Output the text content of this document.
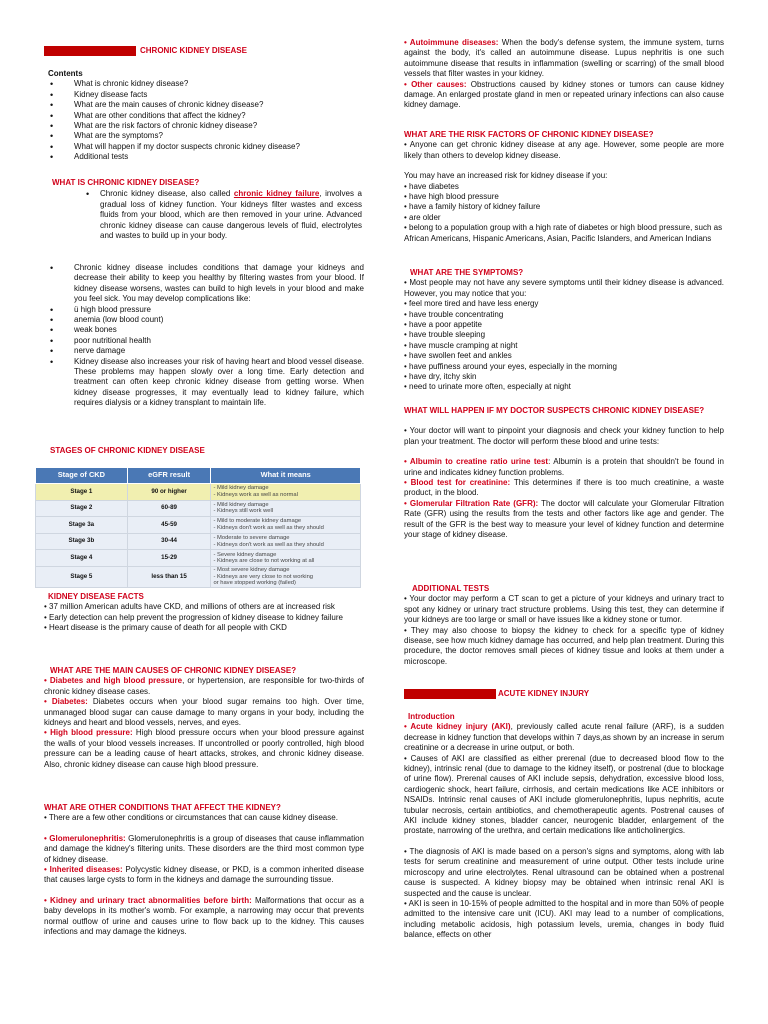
CHRONIC KIDNEY DISEASE

Contents

• What is chronic kidney disease?
• Kidney disease facts
• What are the main causes of chronic kidney disease?
• What are other conditions that affect the kidney?
• What are the risk factors of chronic kidney disease?
• What are the symptoms?
• What will happen if my doctor suspects chronic kidney disease?
• Additional tests

WHAT IS CHRONIC KIDNEY DISEASE?

• Chronic kidney disease, also called chronic kidney failure, involves a gradual loss of kidney function. Your kidneys filter wastes and excess fluids from your blood, which are then removed in your urine. Advanced chronic kidney disease can cause dangerous levels of fluid, electrolytes and wastes to build up in your body.

• Chronic kidney disease includes conditions that damage your kidneys and decrease their ability to keep you healthy by filtering wastes from your blood. If kidney disease worsens, wastes can build to high levels in your blood and make you feel sick. You may develop complications like:

• ü high blood pressure
• anemia (low blood count)
• weak bones
• poor nutritional health
• nerve damage

• Kidney disease also increases your risk of having heart and blood vessel disease. These problems may happen slowly over a long time. Early detection and treatment can often keep chronic kidney disease from getting worse. When kidney disease progresses, it may eventually lead to kidney failure, which requires dialysis or a kidney transplant to maintain life.

STAGES OF CHRONIC KIDNEY DISEASE

Stage of CKD	eGFR result	What it means
Stage 1	90 or higher	- Mild kidney damage
- Kidneys work as well as normal

Stage 2	60-89	- Mild kidney damage
- Kidneys still work well

Stage 3a	45-59	- Mild to moderate kidney damage
- Kidneys don't work as well as they should

Stage 3b	30-44	- Moderate to severe damage
- Kidneys don't work as well as they should

Stage 4	15-29	- Severe kidney damage
- Kidneys are close to not working at all

Stage 5	less than 15	- Most severe kidney damage
- Kidneys are very close to not working
or have stopped working (failed)

KIDNEY DISEASE FACTS

• 37 million American adults have CKD, and millions of others are at increased risk

• Early detection can help prevent the progression of kidney disease to kidney failure

• Heart disease is the primary cause of death for all people with CKD

WHAT ARE THE MAIN CAUSES OF CHRONIC KIDNEY DISEASE?

• Diabetes and high blood pressure, or hypertension, are responsible for two-thirds of chronic kidney disease cases.

• Diabetes: Diabetes occurs when your blood sugar remains too high. Over time, unmanaged blood sugar can cause damage to many organs in your body, including the kidneys and heart and blood vessels, nerves, and eyes.

• High blood pressure: High blood pressure occurs when your blood pressure against the walls of your blood vessels increases. If uncontrolled or poorly controlled, high blood pressure can be a leading cause of heart attacks, strokes, and chronic kidney disease. Also, chronic kidney disease can cause high blood pressure.

WHAT ARE OTHER CONDITIONS THAT AFFECT THE KIDNEY?

• There are a few other conditions or circumstances that can cause kidney disease.

• Glomerulonephritis: Glomerulonephritis is a group of diseases that cause inflammation and damage the kidney's filtering units. These disorders are the third most common type of kidney disease.

• Inherited diseases: Polycystic kidney disease, or PKD, is a common inherited disease that causes large cysts to form in the kidneys and damage the surrounding tissue.

• Kidney and urinary tract abnormalities before birth: Malformations that occur as a baby develops in its mother's womb. For example, a narrowing may occur that prevents normal outflow of urine and causes urine to flow back up to the kidney. This causes infections and may damage the kidneys.

• Autoimmune diseases: When the body's defense system, the immune system, turns against the body, it's called an autoimmune disease. Lupus nephritis is one such autoimmune disease that results in inflammation (swelling or scarring) of the small blood vessels that filter wastes in your kidney.

• Other causes: Obstructions caused by kidney stones or tumors can cause kidney damage. An enlarged prostate gland in men or repeated urinary infections can also cause kidney damage.

WHAT ARE THE RISK FACTORS OF CHRONIC KIDNEY DISEASE?

• Anyone can get chronic kidney disease at any age. However, some people are more likely than others to develop kidney disease.

You may have an increased risk for kidney disease if you:

• have diabetes

• have high blood pressure

• have a family history of kidney failure

• are older

• belong to a population group with a high rate of diabetes or high blood pressure, such as African Americans, Hispanic Americans, Asian, Pacific Islanders, and American Indians

WHAT ARE THE SYMPTOMS?

• Most people may not have any severe symptoms until their kidney disease is advanced. However, you may notice that you:

• feel more tired and have less energy

• have trouble concentrating

• have a poor appetite

• have trouble sleeping

• have muscle cramping at night

• have swollen feet and ankles

• have puffiness around your eyes, especially in the morning

• have dry, itchy skin

• need to urinate more often, especially at night

WHAT WILL HAPPEN IF MY DOCTOR SUSPECTS CHRONIC KIDNEY DISEASE?

• Your doctor will want to pinpoint your diagnosis and check your kidney function to help plan your treatment. The doctor will perform these blood and urine tests:

• Albumin to creatine ratio urine test: Albumin is a protein that shouldn't be found in urine and indicates kidney function problems.

• Blood test for creatinine: This determines if there is too much creatinine, a waste product, in the blood.

• Glomerular Filtration Rate (GFR): The doctor will calculate your Glomerular Filtration Rate (GFR) using the results from the tests and other factors like age and gender. The result of the GFR is the best way to measure your level of kidney function and determine your stage of kidney disease.

ADDITIONAL TESTS

• Your doctor may perform a CT scan to get a picture of your kidneys and urinary tract to spot any kidney or urinary tract structure problems. Using this test, they can determine if your kidneys are too large or small or have issues like a kidney stone or tumor.

• They may also choose to biopsy the kidney to check for a specific type of kidney disease, see how much kidney damage has occurred, and help plan treatment. During this procedure, the doctor removes small pieces of kidney tissue and looks at them under a microscope.

ACUTE KIDNEY INJURY

Introduction

• Acute kidney injury (AKI), previously called acute renal failure (ARF), is a sudden decrease in kidney function that develops within 7 days,as shown by an increase in serum creatinine or a decrease in urine output, or both.

• Causes of AKI are classified as either prerenal (due to decreased blood flow to the kidney), intrinsic renal (due to damage to the kidney itself), or postrenal (due to blockage of urine flow). Prerenal causes of AKI include sepsis, dehydration, excessive blood loss, cardiogenic shock, heart failure, cirrhosis, and certain medications like ACE inhibitors or NSAIDs. Intrinsic renal causes of AKI include glomerulonephritis, lupus nephritis, acute tubular necrosis, certain antibiotics, and chemotherapeutic agents. Postrenal causes of AKI include kidney stones, bladder cancer, neurogenic bladder, enlargement of the prostate, narrowing of the urethra, and certain medications like anticholinergics.

• The diagnosis of AKI is made based on a person's signs and symptoms, along with lab tests for serum creatinine and measurement of urine output. Other tests include urine microscopy and urine electrolytes. Renal ultrasound can be obtained when a postrenal cause is suspected. A kidney biopsy may be obtained when intrinsic renal AKI is suspected and the cause is unclear.

• AKI is seen in 10-15% of people admitted to the hospital and in more than 50% of people admitted to the intensive care unit (ICU). AKI may lead to a number of complications, including metabolic acidosis, high potassium levels, uremia, changes in body fluid balance, effects on other
